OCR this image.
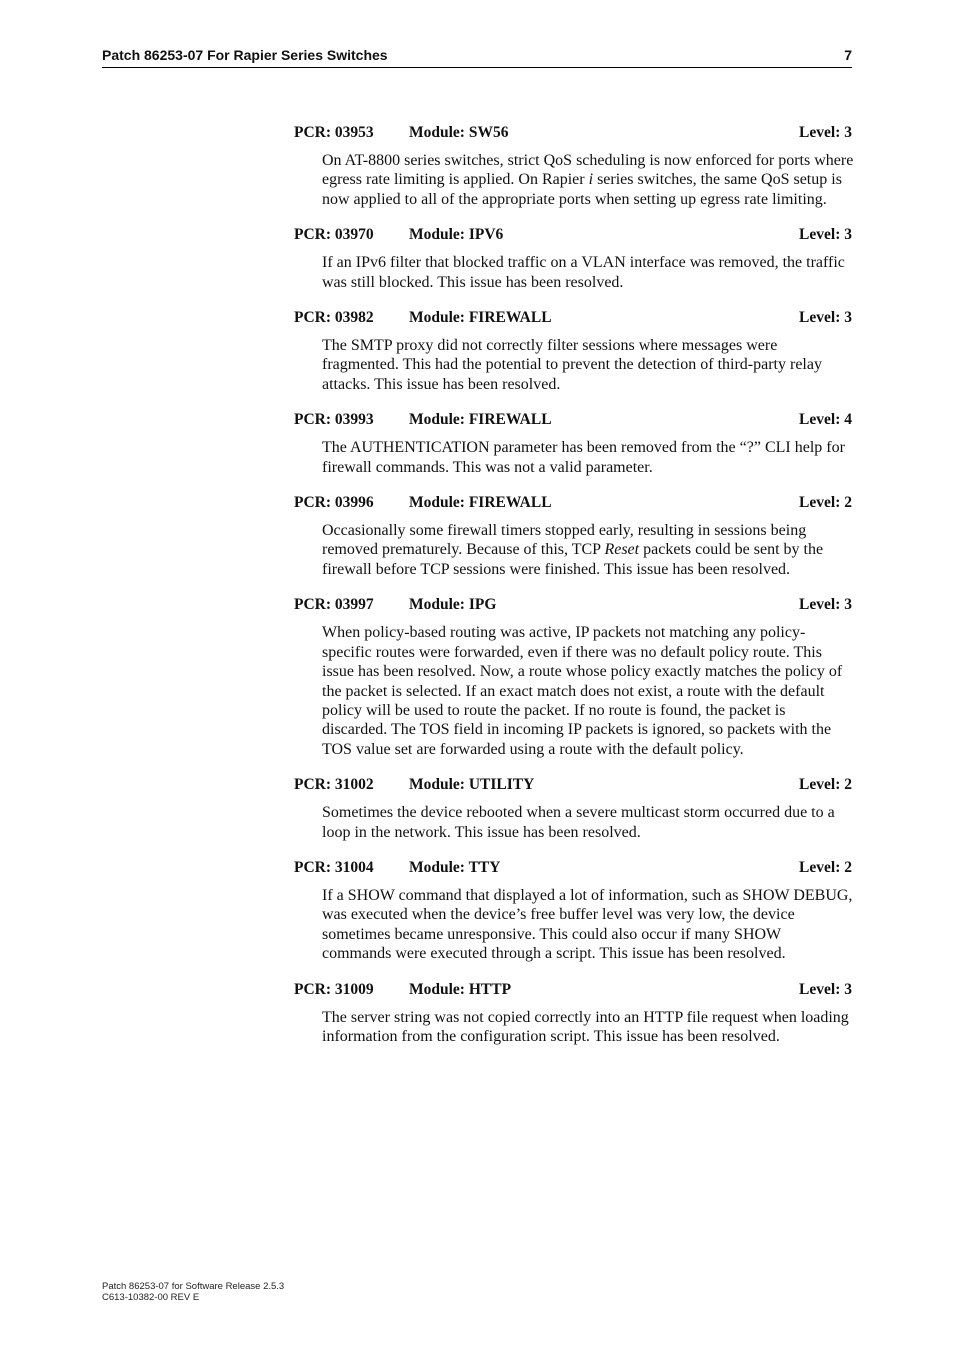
Patch 86253-07 For Rapier Series Switches	7
PCR: 03953 Module: SW56	Level: 3
On AT-8800 series switches, strict QoS scheduling is now enforced for ports where egress rate limiting is applied. On Rapier i series switches, the same QoS setup is now applied to all of the appropriate ports when setting up egress rate limiting.
PCR: 03970 Module: IPV6	Level: 3
If an IPv6 filter that blocked traffic on a VLAN interface was removed, the traffic was still blocked. This issue has been resolved.
PCR: 03982 Module: FIREWALL	Level: 3
The SMTP proxy did not correctly filter sessions where messages were fragmented. This had the potential to prevent the detection of third-party relay attacks. This issue has been resolved.
PCR: 03993 Module: FIREWALL	Level: 4
The AUTHENTICATION parameter has been removed from the “?” CLI help for firewall commands. This was not a valid parameter.
PCR: 03996 Module: FIREWALL	Level: 2
Occasionally some firewall timers stopped early, resulting in sessions being removed prematurely. Because of this, TCP Reset packets could be sent by the firewall before TCP sessions were finished. This issue has been resolved.
PCR: 03997 Module: IPG	Level: 3
When policy-based routing was active, IP packets not matching any policy-specific routes were forwarded, even if there was no default policy route. This issue has been resolved. Now, a route whose policy exactly matches the policy of the packet is selected. If an exact match does not exist, a route with the default policy will be used to route the packet. If no route is found, the packet is discarded. The TOS field in incoming IP packets is ignored, so packets with the TOS value set are forwarded using a route with the default policy.
PCR: 31002 Module: UTILITY	Level: 2
Sometimes the device rebooted when a severe multicast storm occurred due to a loop in the network. This issue has been resolved.
PCR: 31004 Module: TTY	Level: 2
If a SHOW command that displayed a lot of information, such as SHOW DEBUG, was executed when the device’s free buffer level was very low, the device sometimes became unresponsive. This could also occur if many SHOW commands were executed through a script. This issue has been resolved.
PCR: 31009 Module: HTTP	Level: 3
The server string was not copied correctly into an HTTP file request when loading information from the configuration script. This issue has been resolved.
Patch 86253-07 for Software Release 2.5.3
C613-10382-00 REV E
